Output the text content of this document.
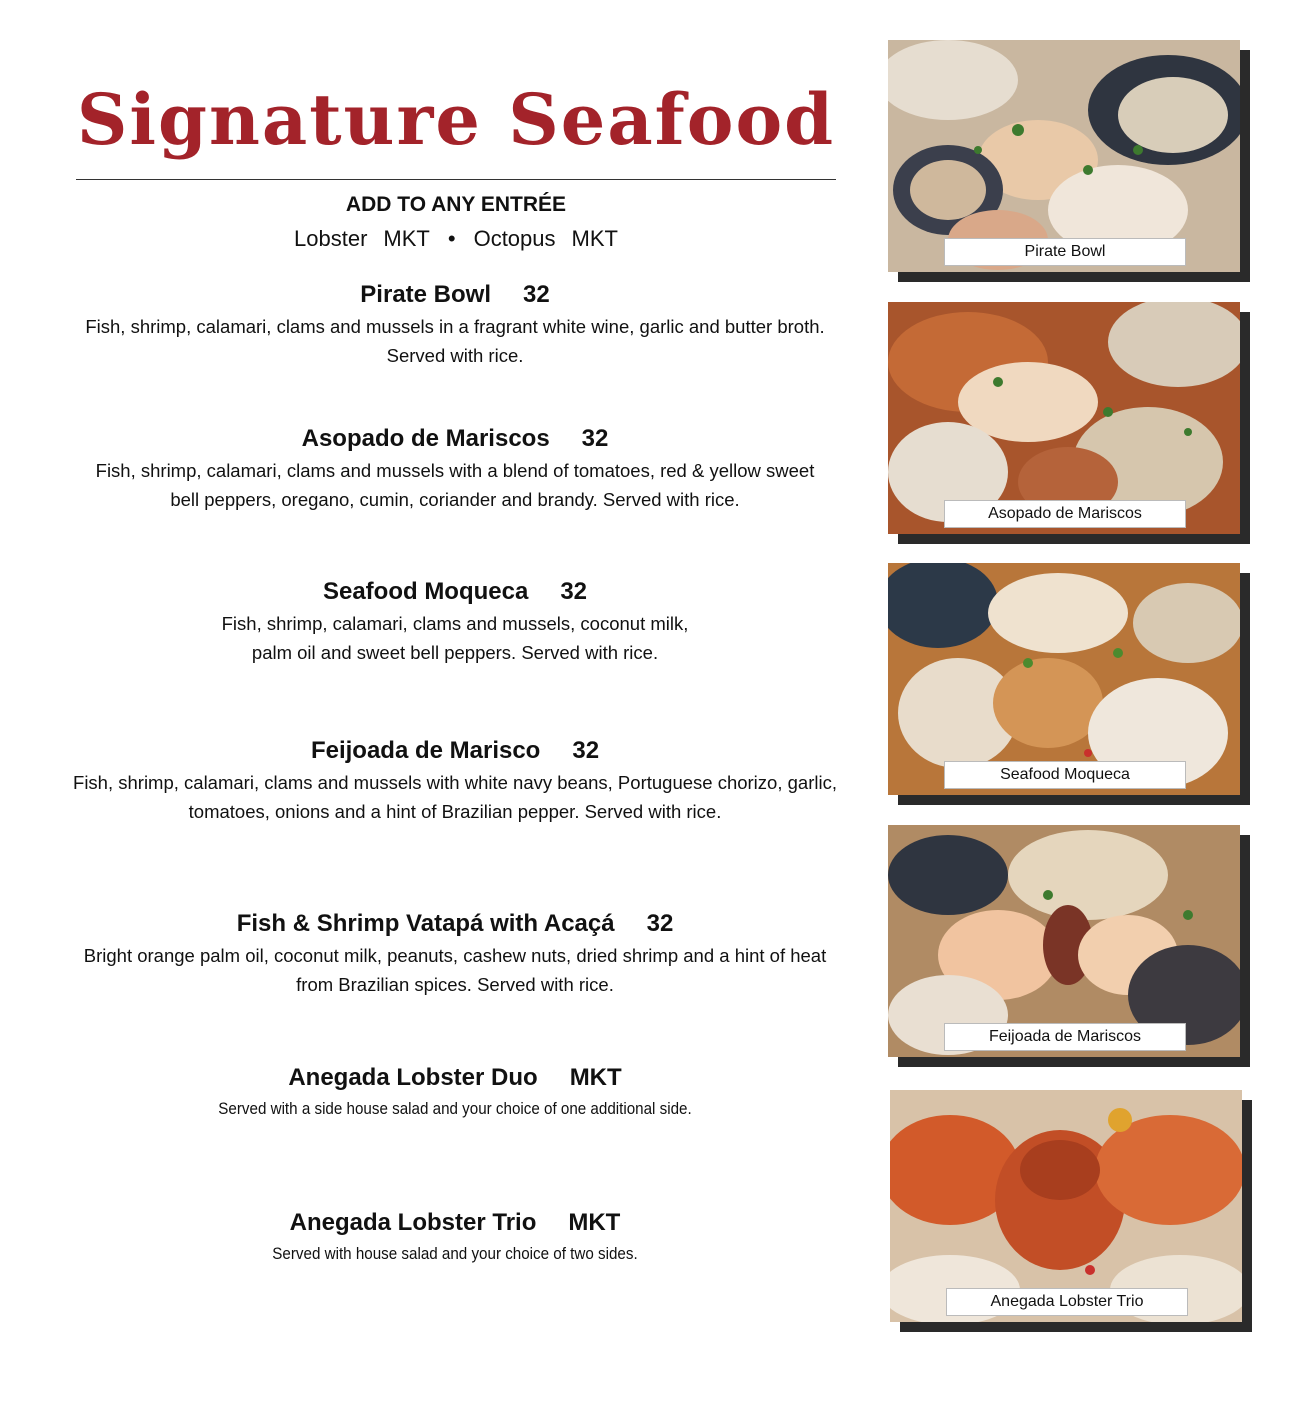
Signature Seafood
ADD TO ANY ENTRÉE
Lobster MKT • Octopus MKT
Pirate Bowl 32
Fish, shrimp, calamari, clams and mussels in a fragrant white wine, garlic and butter broth. Served with rice.
Asopado de Mariscos 32
Fish, shrimp, calamari, clams and mussels with a blend of tomatoes, red & yellow sweet bell peppers, oregano, cumin, coriander and brandy. Served with rice.
Seafood Moqueca 32
Fish, shrimp, calamari, clams and mussels, coconut milk, palm oil and sweet bell peppers. Served with rice.
Feijoada de Marisco 32
Fish, shrimp, calamari, clams and mussels with white navy beans, Portuguese chorizo, garlic, tomatoes, onions and a hint of Brazilian pepper. Served with rice.
Fish & Shrimp Vatapá with Acaçá 32
Bright orange palm oil, coconut milk, peanuts, cashew nuts, dried shrimp and a hint of heat from Brazilian spices. Served with rice.
Anegada Lobster Duo MKT
Served with a side house salad and your choice of one additional side.
Anegada Lobster Trio MKT
Served with house salad and your choice of two sides.
Pirate Bowl
Asopado de Mariscos
Seafood Moqueca
Feijoada de Mariscos
Anegada Lobster Trio
